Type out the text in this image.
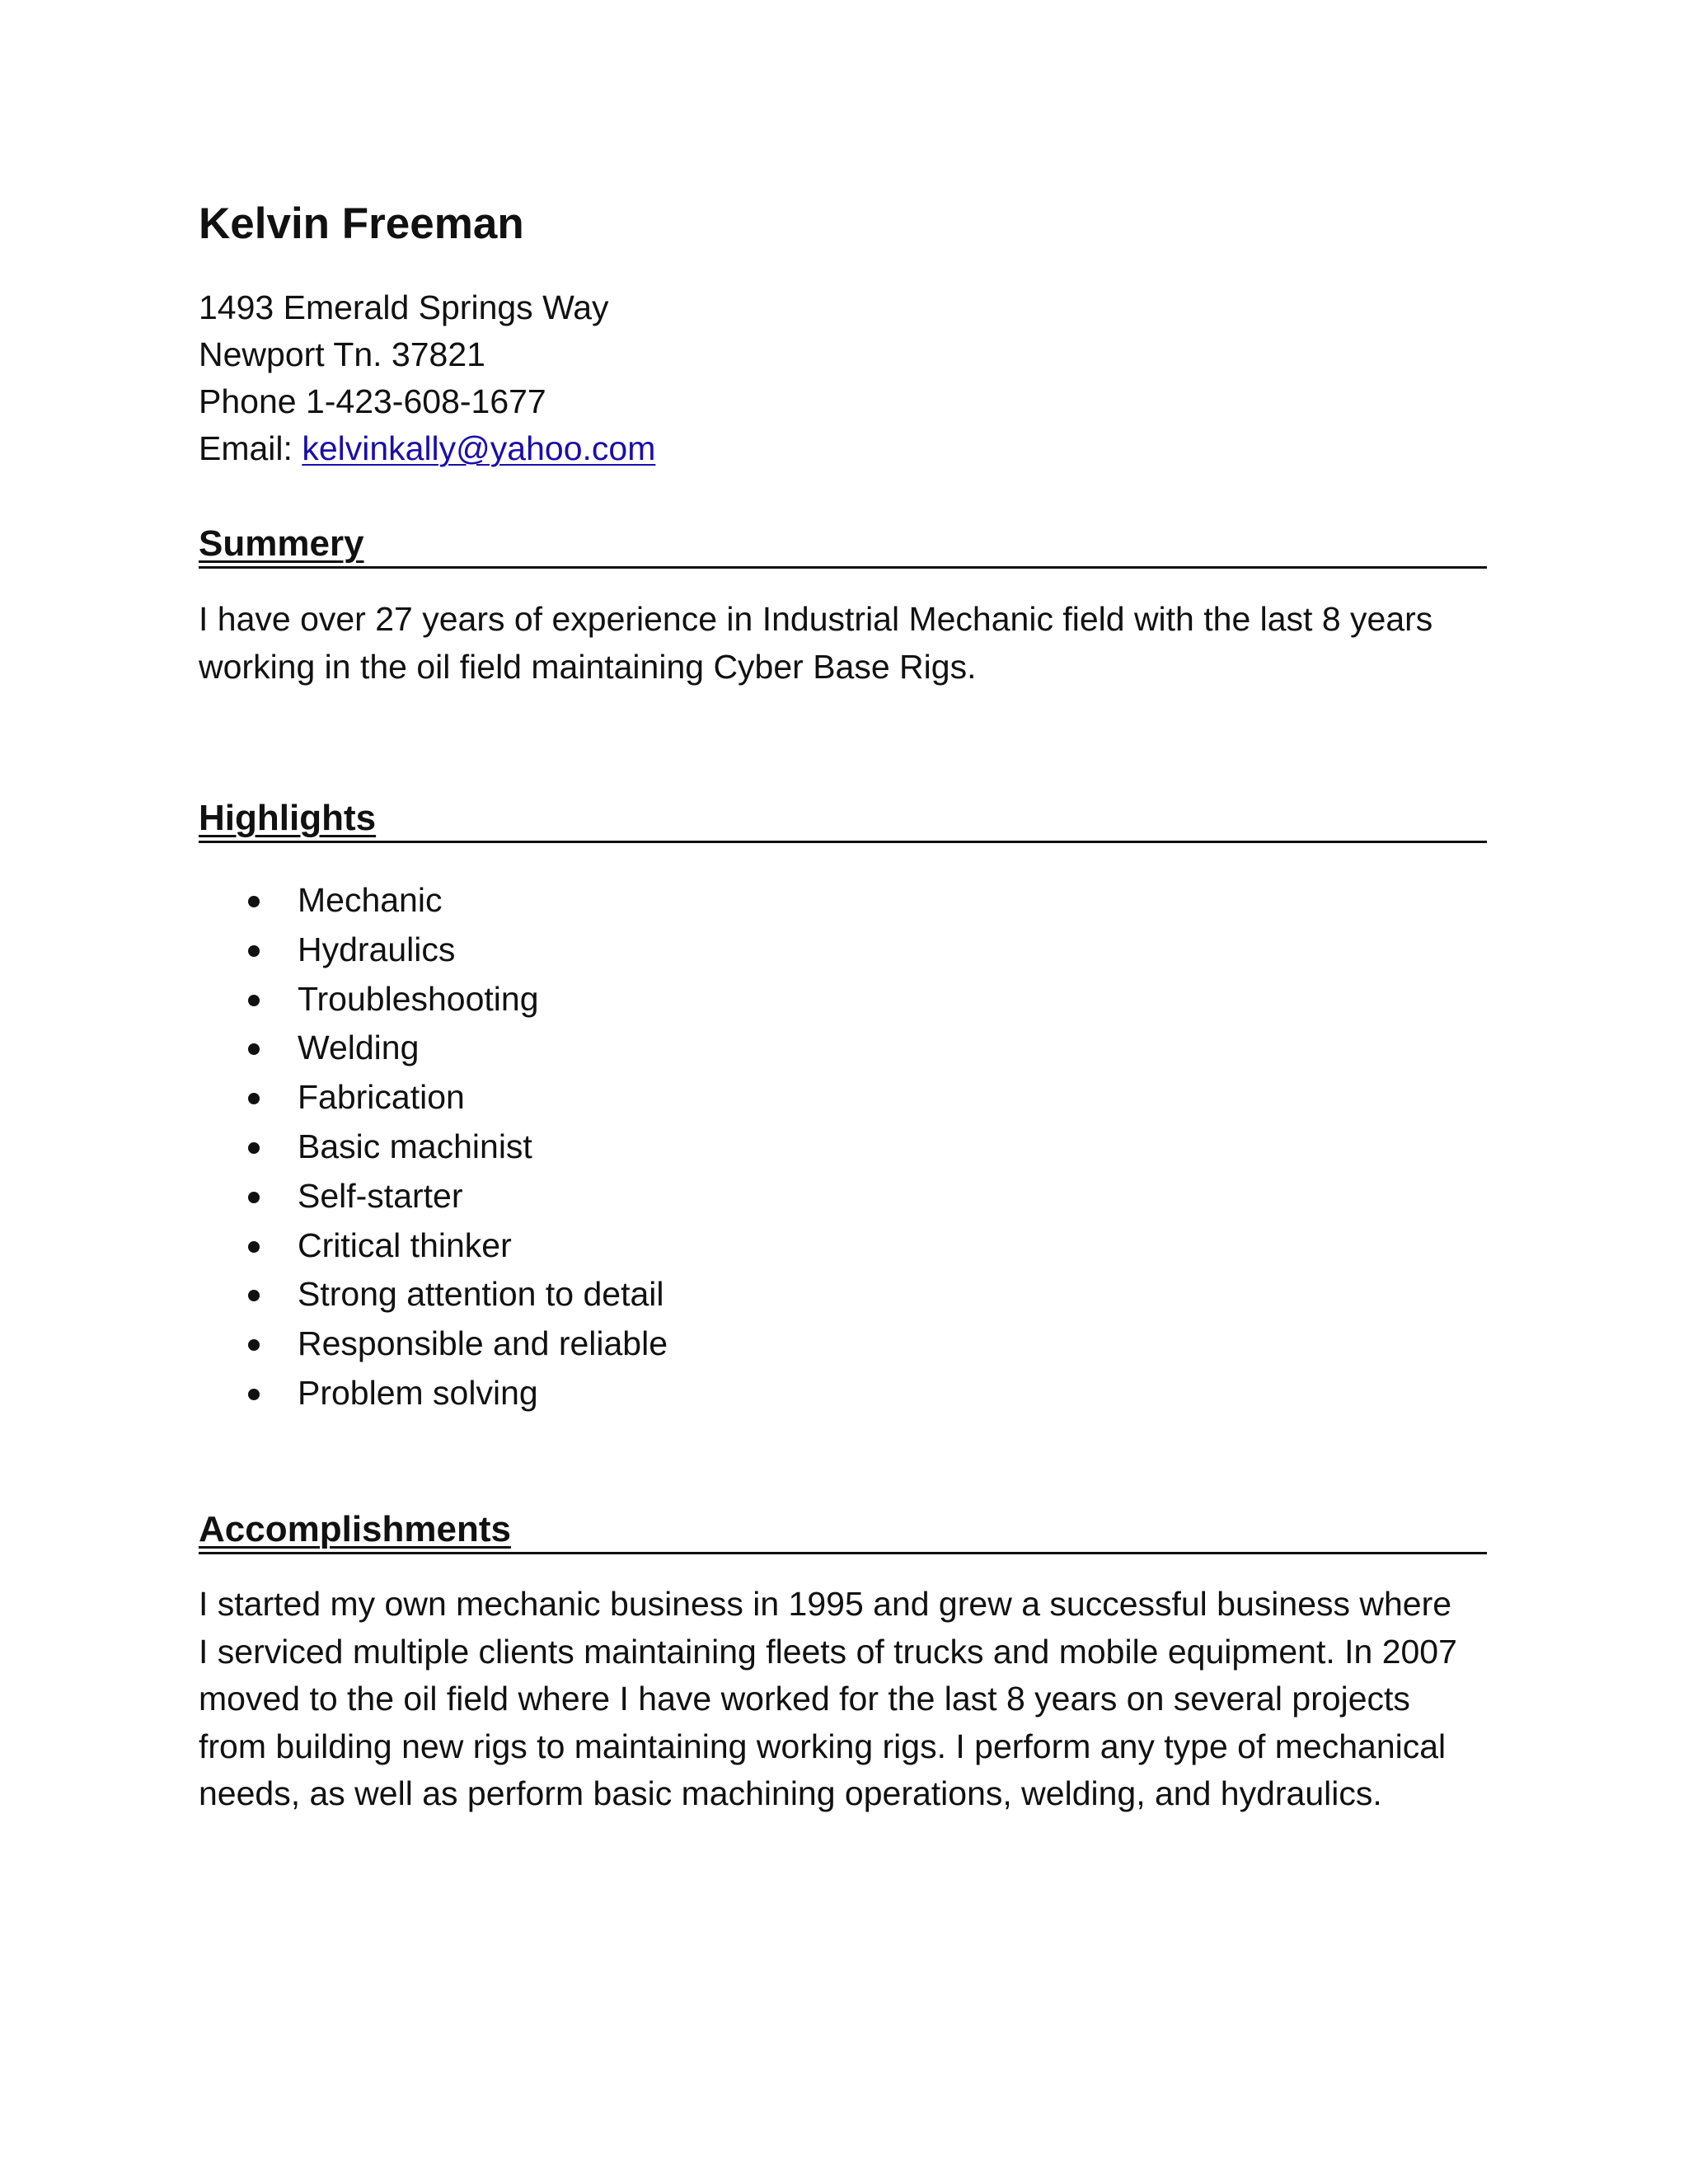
Kelvin Freeman
1493 Emerald Springs Way
Newport Tn. 37821
Phone 1-423-608-1677
Email: kelvinkally@yahoo.com
Summery

I have over 27 years of experience in Industrial Mechanic field with the last 8 years working in the oil field maintaining Cyber Base Rigs.

Highlights
Mechanic
Hydraulics
Troubleshooting
Welding
Fabrication
Basic machinist
Self-starter
Critical thinker
Strong attention to detail
Responsible and reliable
Problem solving
Accomplishments

I started my own mechanic business in 1995 and grew a successful business where I serviced multiple clients maintaining fleets of trucks and mobile equipment. In 2007 moved to the oil field where I have worked for the last 8 years on several projects from building new rigs to maintaining working rigs. I perform any type of mechanical needs, as well as perform basic machining operations, welding, and hydraulics.
